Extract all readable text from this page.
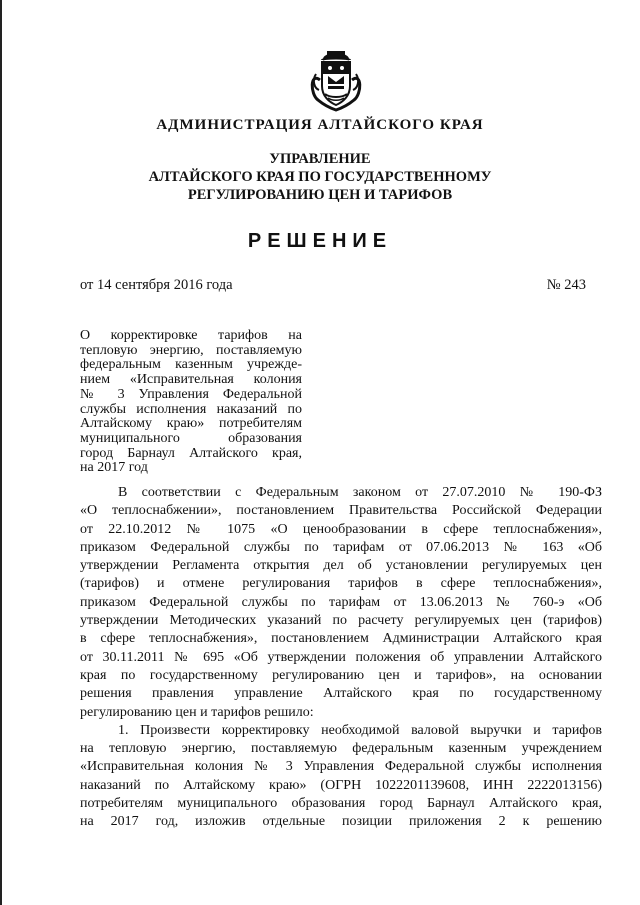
АДМИНИСТРАЦИЯ АЛТАЙСКОГО КРАЯ
УПРАВЛЕНИЕ
АЛТАЙСКОГО КРАЯ ПО ГОСУДАРСТВЕННОМУ
РЕГУЛИРОВАНИЮ ЦЕН И ТАРИФОВ
РЕШЕНИЕ
от 14 сентября 2016 года	№ 243
О корректировке тарифов на
тепловую энергию, поставляемую
федеральным казенным учрежде-
нием «Исправительная колония
№ 3 Управления Федеральной
службы исполнения наказаний по
Алтайскому краю» потребителям
муниципального образования
город Барнаул Алтайского края,
на 2017 год
В соответствии с Федеральным законом от 27.07.2010 № 190-ФЗ
«О теплоснабжении», постановлением Правительства Российской Федерации
от 22.10.2012 № 1075 «О ценообразовании в сфере теплоснабжения»,
приказом Федеральной службы по тарифам от 07.06.2013 № 163 «Об
утверждении Регламента открытия дел об установлении регулируемых цен
(тарифов) и отмене регулирования тарифов в сфере теплоснабжения»,
приказом Федеральной службы по тарифам от 13.06.2013 № 760-э «Об
утверждении Методических указаний по расчету регулируемых цен (тарифов)
в сфере теплоснабжения», постановлением Администрации Алтайского края
от 30.11.2011 № 695 «Об утверждении положения об управлении Алтайского
края по государственному регулированию цен и тарифов», на основании
решения правления управление Алтайского края по государственному
регулированию цен и тарифов решило:
1. Произвести корректировку необходимой валовой выручки и тарифов
на тепловую энергию, поставляемую федеральным казенным учреждением
«Исправительная колония № 3 Управления Федеральной службы исполнения
наказаний по Алтайскому краю» (ОГРН 1022201139608, ИНН 2222013156)
потребителям муниципального образования город Барнаул Алтайского края,
на 2017 год, изложив отдельные позиции приложения 2 к решению
